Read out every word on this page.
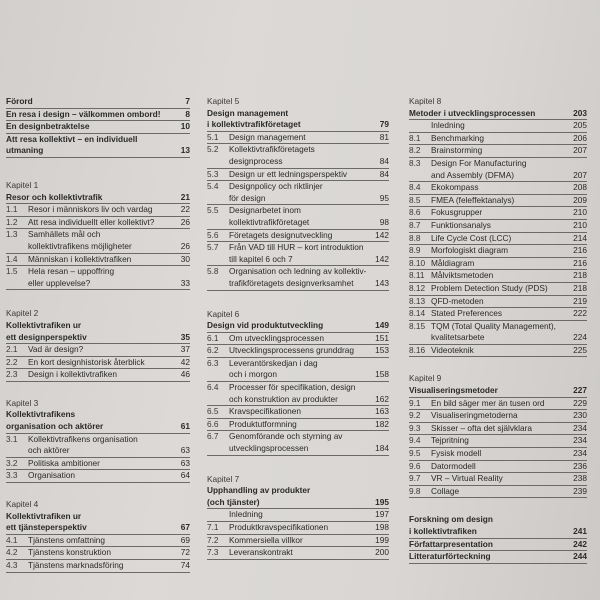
Förord	7
En resa i design – välkommen ombord!	8
En designbetraktelse	10
Att resa kollektivt – en individuell
utmaning	13
Kapitel 1
Resor och kollektivtrafik	21
1.1	Resor i människors liv och vardag	22
1.2	Att resa individuellt eller kollektivt?	26
1.3	Samhällets mål och
kollektivtrafikens möjligheter	26
1.4	Människan i kollektivtrafiken	30
1.5	Hela resan – uppoffring
eller upplevelse?	33
Kapitel 2
Kollektivtrafiken ur
ett designperspektiv	35
2.1	Vad är design?	37
2.2	En kort designhistorisk återblick	42
2.3	Design i kollektivtrafiken	46
Kapitel 3
Kollektivtrafikens
organisation och aktörer	61
3.1	Kollektivtrafikens organisation
och aktörer	63
3.2	Politiska ambitioner	63
3.3	Organisation	64
Kapitel 4
Kollektivtrafiken ur
ett tjänsteperspektiv	67
4.1	Tjänstens omfattning	69
4.2	Tjänstens konstruktion	72
4.3	Tjänstens marknadsföring	74
Kapitel 5
Design management
i kollektivtrafikföretaget	79
5.1	Design management	81
5.2	Kollektivtrafikföretagets
designprocess	84
5.3	Design ur ett ledningsperspektiv	84
5.4	Designpolicy och riktlinjer
för design	95
5.5	Designarbetet inom
kollektivtrafikföretaget	98
5.6	Företagets designutveckling	142
5.7	Från VAD till HUR – kort introduktion
till kapitel 6 och 7	142
5.8	Organisation och ledning av kollektiv-
trafikföretagets designverksamhet	143
Kapitel 6
Design vid produktutveckling	149
6.1	Om utvecklingsprocessen	151
6.2	Utvecklingsprocessens grunddrag	153
6.3	Leverantörskedjan i dag
och i morgon	158
6.4	Processer för specifikation, design
och konstruktion av produkter	162
6.5	Kravspecifikationen	163
6.6	Produktutformning	182
6.7	Genomförande och styrning av
utvecklingsprocessen	184
Kapitel 7
Upphandling av produkter
(och tjänster)	195
Inledning	197
7.1	Produktkravspecifikationen	198
7.2	Kommersiella villkor	199
7.3	Leveranskontrakt	200
Kapitel 8
Metoder i utvecklingsprocessen	203
Inledning	205
8.1	Benchmarking	206
8.2	Brainstorming	207
8.3	Design For Manufacturing
and Assembly (DFMA)	207
8.4	Ekokompass	208
8.5	FMEA (feleffektanalys)	209
8.6	Fokusgrupper	210
8.7	Funktionsanalys	210
8.8	Life Cycle Cost (LCC)	214
8.9	Morfologiskt diagram	216
8.10 Måldiagram	216
8.11 Målviktsmetoden	218
8.12 Problem Detection Study (PDS)	218
8.13 QFD-metoden	219
8.14 Stated Preferences	222
8.15 TQM (Total Quality Management),
kvalitetsarbete	224
8.16 Videoteknik	225
Kapitel 9
Visualiseringsmetoder	227
9.1	En bild säger mer än tusen ord	229
9.2	Visualiseringmetoderna	230
9.3	Skisser – ofta det självklara	234
9.4	Tejpritning	234
9.5	Fysisk modell	234
9.6	Datormodell	236
9.7	VR – Virtual Reality	238
9.8	Collage	239
Forskning om design
i kollektivtrafiken	241
Författarpresentation	242
Litteraturförteckning	244
